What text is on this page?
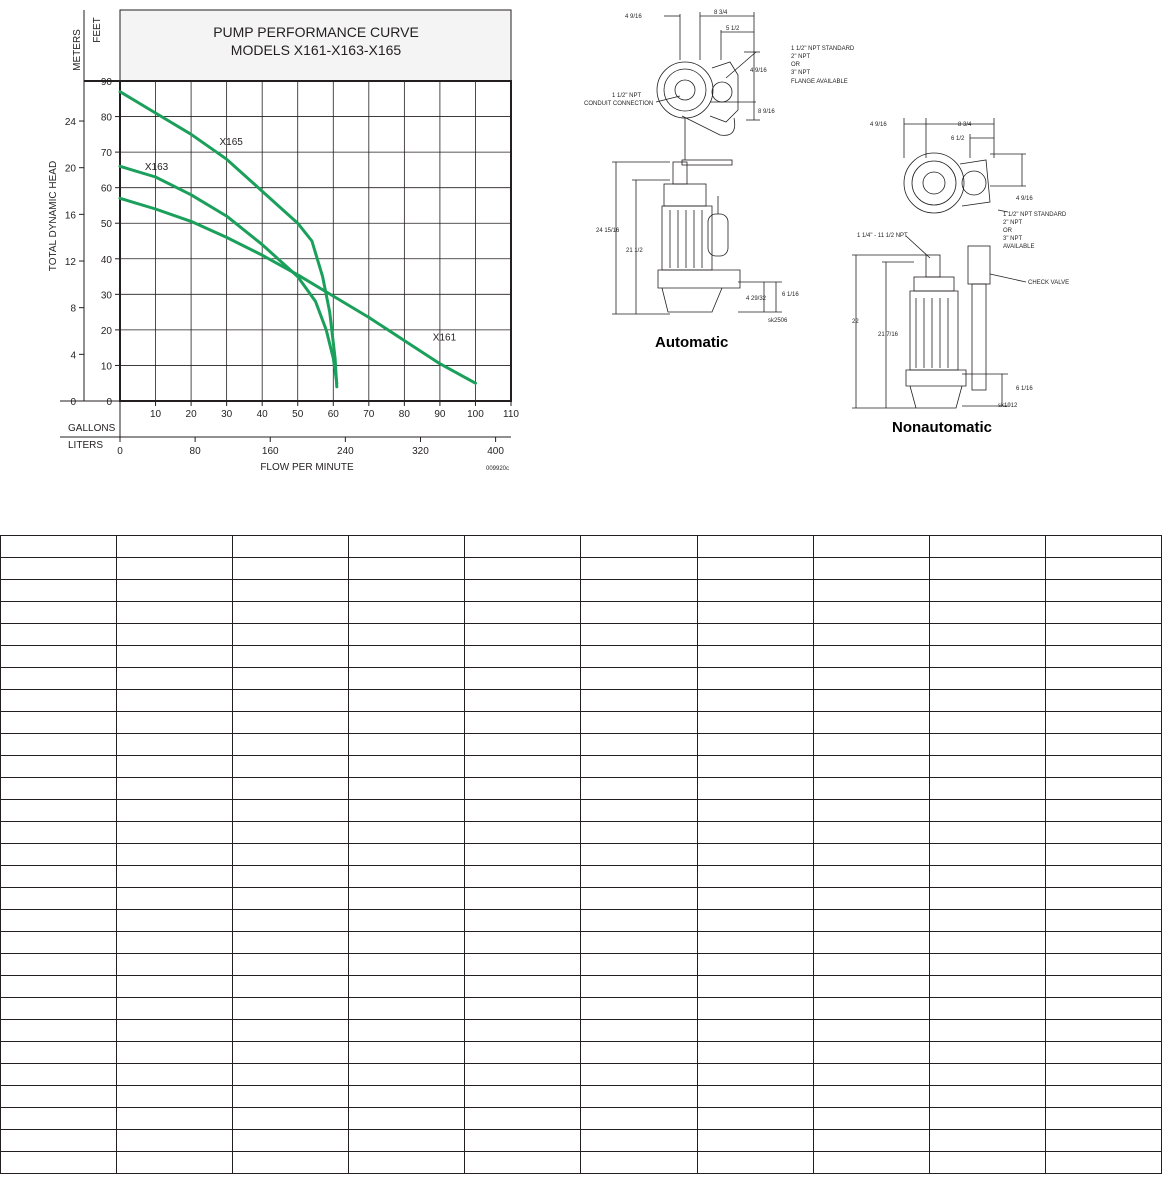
PUMP PERFORMANCE CURVE
MODELS X161-X163-X165
METERS FEET
TOTAL DYNAMIC HEAD
GALLONS
LITERS
FLOW PER MINUTE	009920c
10 20 30 40 50 60 70 80 90 100 110
0
10
20
30
40
50
60
70
80
90
0
4
8
12
16
20
24
0	80	160	240	320	400
X165
X163
X161
4 9/16
8 3/4
5 1/2
4 9/16
8 9/16
24 15/16
21 1/2
4 29/32
6 1/16
1 1/2" NPT STANDARD
2" NPT
OR
3" NPT
FLANGE AVAILABLE
1 1/2" NPT
CONDUIT CONNECTION
sk2506
Automatic
4 9/16	8 3/4
6 1/2
4 9/16
22
21 7/16
6 1/16
1 1/2" NPT STANDARD
2" NPT
OR
3" NPT
AVAILABLE
1 1/4" - 11 1/2 NPT
CHECK VALVE
sk1912
Nonautomatic
